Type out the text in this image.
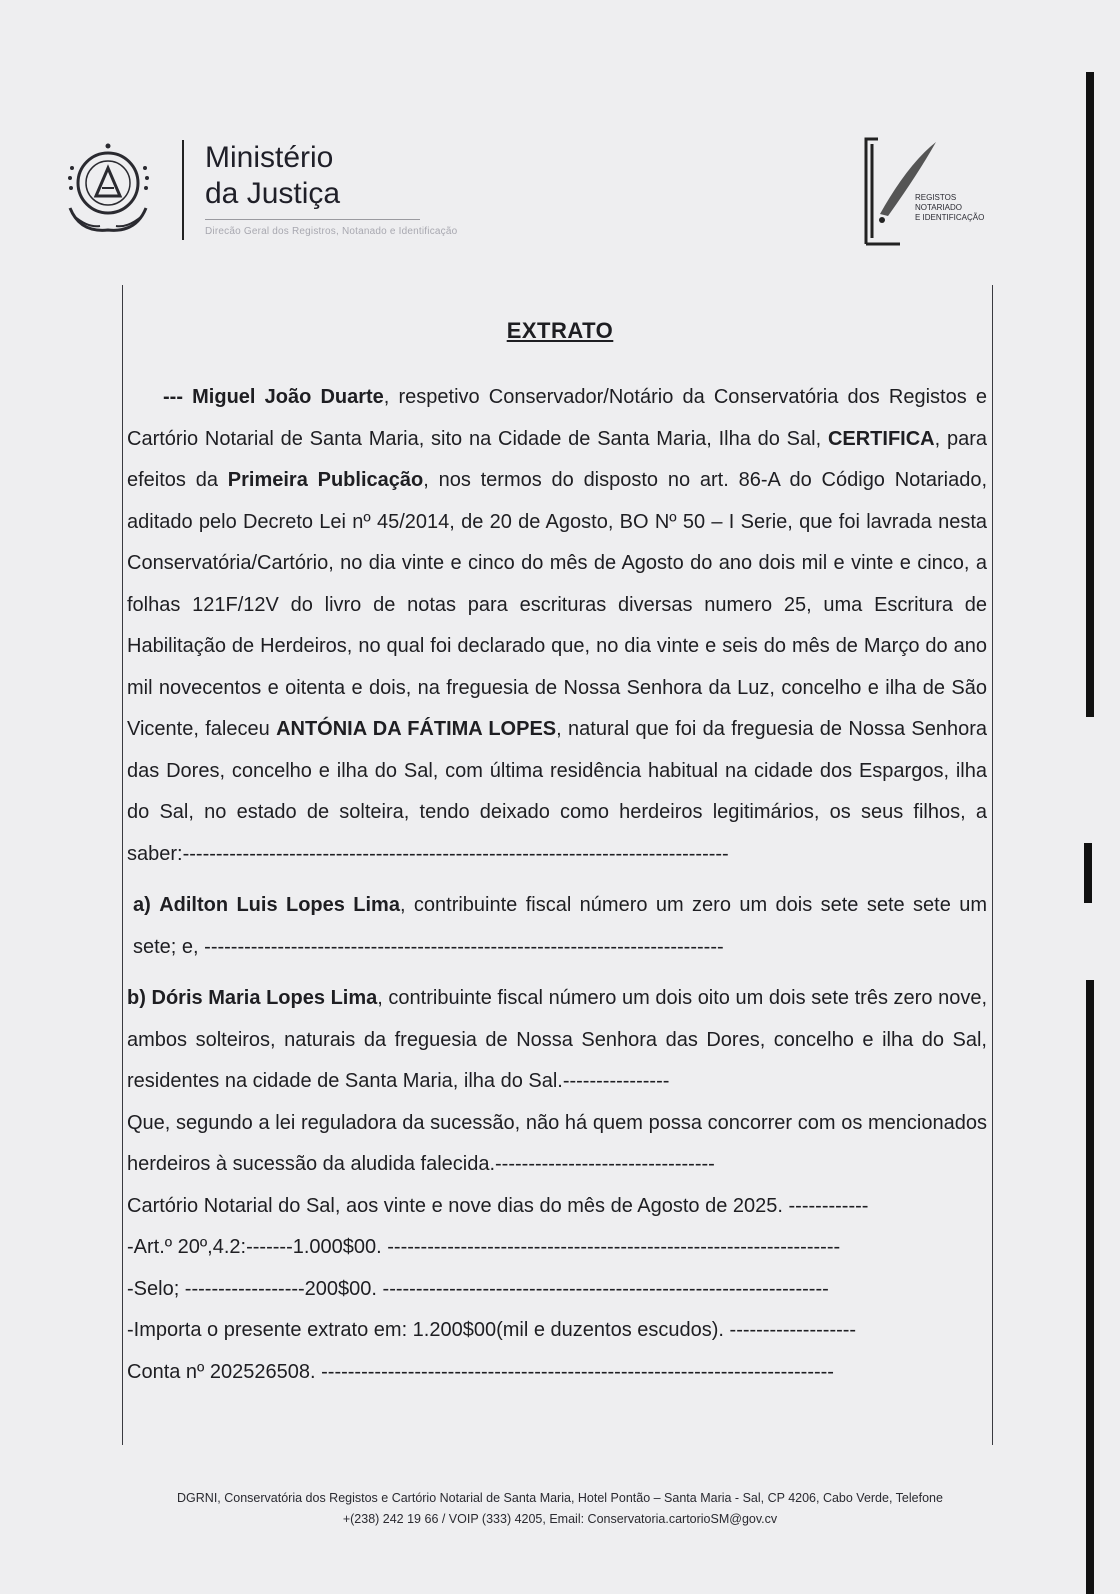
Ministério
da Justiça
Direcão Geral dos Registros, Notanado e Identificação
REGISTOS
NOTARIADO
E IDENTIFICAÇÃO
EXTRATO

--- Miguel João Duarte, respetivo Conservador/Notário da Conservatória dos Registos e Cartório Notarial de Santa Maria, sito na Cidade de Santa Maria, Ilha do Sal, CERTIFICA, para efeitos da Primeira Publicação, nos termos do disposto no art. 86-A do Código Notariado, aditado pelo Decreto Lei nº 45/2014, de 20 de Agosto, BO Nº 50 – I Serie, que foi lavrada nesta Conservatória/Cartório, no dia vinte e cinco do mês de Agosto do ano dois mil e vinte e cinco, a folhas 121F/12V do livro de notas para escrituras diversas numero 25, uma Escritura de Habilitação de Herdeiros, no qual foi declarado que, no dia vinte e seis do mês de Março do ano mil novecentos e oitenta e dois, na freguesia de Nossa Senhora da Luz, concelho e ilha de São Vicente, faleceu ANTÓNIA DA FÁTIMA LOPES, natural que foi da freguesia de Nossa Senhora das Dores, concelho e ilha do Sal, com última residência habitual na cidade dos Espargos, ilha do Sal, no estado de solteira, tendo deixado como herdeiros legitimários, os seus filhos, a saber:----------------------------------------------------------------------------------

a) Adilton Luis Lopes Lima, contribuinte fiscal número um zero um dois sete sete sete um sete; e, ------------------------------------------------------------------------------

b) Dóris Maria Lopes Lima, contribuinte fiscal número um dois oito um dois sete três zero nove, ambos solteiros, naturais da freguesia de Nossa Senhora das Dores, concelho e ilha do Sal, residentes na cidade de Santa Maria, ilha do Sal.----------------

Que, segundo a lei reguladora da sucessão, não há quem possa concorrer com os mencionados herdeiros à sucessão da aludida falecida.---------------------------------

Cartório Notarial do Sal, aos vinte e nove dias do mês de Agosto de 2025. ------------

-Art.º 20º,4.2:-------1.000$00. --------------------------------------------------------------------

-Selo; ------------------200$00. -------------------------------------------------------------------

-Importa o presente extrato em: 1.200$00(mil e duzentos escudos). -------------------

Conta nº 202526508. -----------------------------------------------------------------------------

DGRNI, Conservatória dos Registos e Cartório Notarial de Santa Maria, Hotel Pontão – Santa Maria - Sal, CP 4206, Cabo Verde, Telefone
+(238) 242 19 66 / VOIP (333) 4205, Email: Conservatoria.cartorioSM@gov.cv
